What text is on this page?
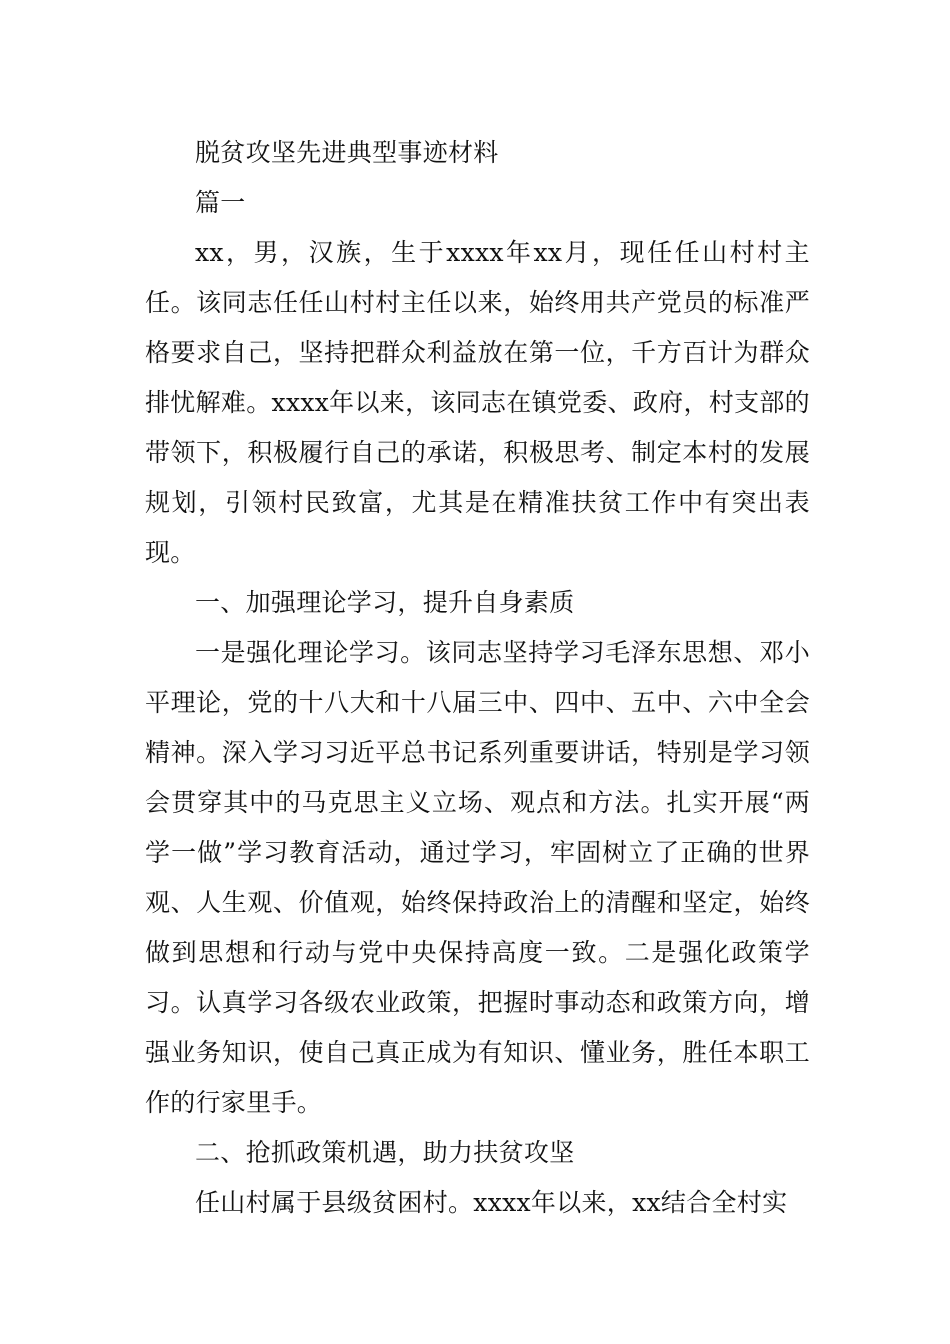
脱贫攻坚先进典型事迹材料

篇一

xx，男，汉族，生于xxxx年xx月，现任任山村村主任。该同志任任山村村主任以来，始终用共产党员的标准严格要求自己，坚持把群众利益放在第一位，千方百计为群众排忧解难。xxxx年以来，该同志在镇党委、政府，村支部的带领下，积极履行自己的承诺，积极思考、制定本村的发展规划，引领村民致富，尤其是在精准扶贫工作中有突出表现。

一、加强理论学习，提升自身素质

一是强化理论学习。该同志坚持学习毛泽东思想、邓小平理论，党的十八大和十八届三中、四中、五中、六中全会精神。深入学习习近平总书记系列重要讲话，特别是学习领会贯穿其中的马克思主义立场、观点和方法。扎实开展“两学一做”学习教育活动，通过学习，牢固树立了正确的世界观、人生观、价值观，始终保持政治上的清醒和坚定，始终做到思想和行动与党中央保持高度一致。二是强化政策学习。认真学习各级农业政策，把握时事动态和政策方向，增强业务知识，使自己真正成为有知识、懂业务，胜任本职工作的行家里手。

二、抢抓政策机遇，助力扶贫攻坚

任山村属于县级贫困村。xxxx年以来，xx结合全村实
